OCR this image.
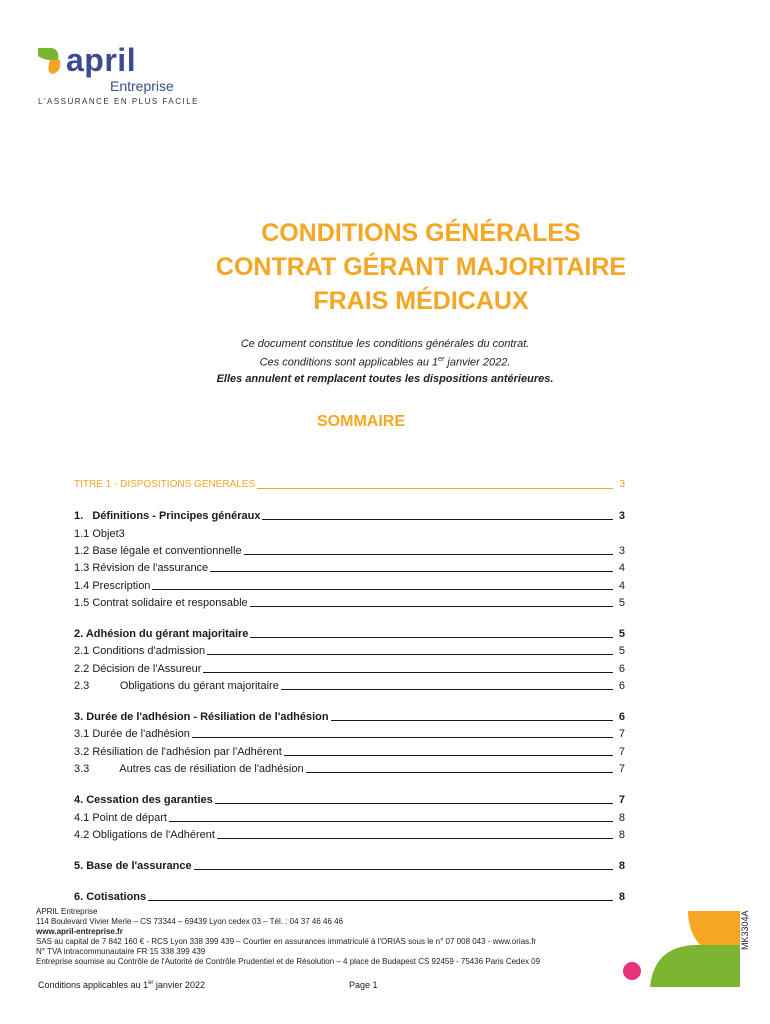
april
Entreprise
L'ASSURANCE EN PLUS FACILE
CONDITIONS GÉNÉRALES
CONTRAT GÉRANT MAJORITAIRE
FRAIS MÉDICAUX
Ce document constitue les conditions générales du contrat.
Ces conditions sont applicables au 1er janvier 2022.
Elles annulent et remplacent toutes les dispositions antérieures.
SOMMAIRE
TITRE 1 - DISPOSITIONS GENERALES	3
1.   Définitions - Principes généraux	3
1.1 Objet3
1.2 Base légale et conventionnelle	3
1.3 Révision de l'assurance	4
1.4 Prescription	4
1.5 Contrat solidaire et responsable	5
2. Adhésion du gérant majoritaire	5
2.1 Conditions d'admission	5
2.2 Décision de l'Assureur	6
2.3          Obligations du gérant majoritaire	6
3. Durée de l'adhésion - Résiliation de l'adhésion	6
3.1 Durée de l'adhésion	7
3.2 Résiliation de l'adhésion par l'Adhérent	7
3.3          Autres cas de résiliation de l'adhésion	7
4. Cessation des garanties	7
4.1 Point de départ	8
4.2 Obligations de l'Adhérent	8
5. Base de l'assurance	8
6. Cotisations	8
APRIL Entreprise
114 Boulevard Vivier Merle – CS 73344 – 69439 Lyon cedex 03 – Tél. : 04 37 46 46 46
www.april-entreprise.fr
SAS au capital de 7 842 160 € - RCS Lyon 338 399 439 – Courtier en assurances immatriculé à l'ORIAS sous le n° 07 008 043 - www.orias.fr
N° TVA intracommunautaire FR 15 338 399 439
Entreprise soumise au Contrôle de l'Autorité de Contrôle Prudentiel et de Résolution – 4 place de Budapest CS 92459 - 75436 Paris Cedex 09
Conditions applicables au 1er janvier 2022	Page 1
MK3304A
